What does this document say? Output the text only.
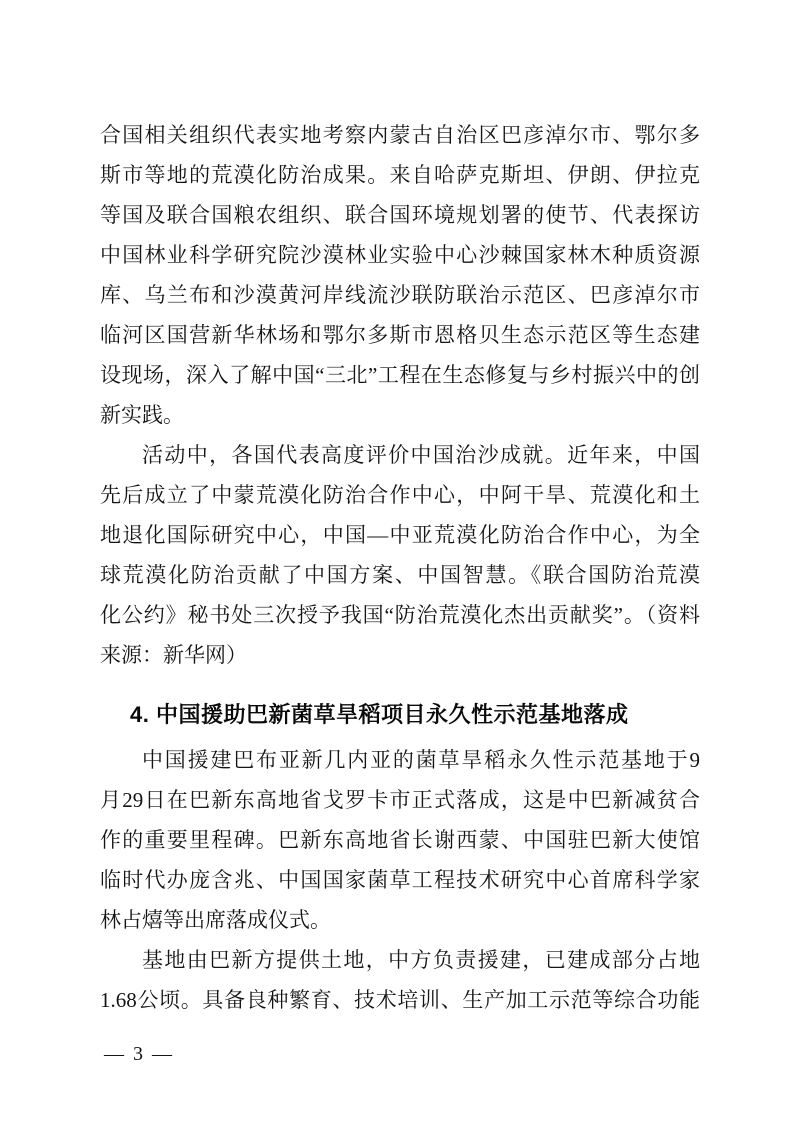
合国相关组织代表实地考察内蒙古自治区巴彦淖尔市、鄂尔多
斯市等地的荒漠化防治成果。来自哈萨克斯坦、伊朗、伊拉克
等国及联合国粮农组织、联合国环境规划署的使节、代表探访
中国林业科学研究院沙漠林业实验中心沙棘国家林木种质资源
库、乌兰布和沙漠黄河岸线流沙联防联治示范区、巴彦淖尔市
临河区国营新华林场和鄂尔多斯市恩格贝生态示范区等生态建
设现场，深入了解中国“三北”工程在生态修复与乡村振兴中的创
新实践。
活动中，各国代表高度评价中国治沙成就。近年来，中国
先后成立了中蒙荒漠化防治合作中心，中阿干旱、荒漠化和土
地退化国际研究中心，中国—中亚荒漠化防治合作中心，为全
球荒漠化防治贡献了中国方案、中国智慧。《联合国防治荒漠
化公约》秘书处三次授予我国“防治荒漠化杰出贡献奖”。（资料
来源：新华网）
4. 中国援助巴新菌草旱稻项目永久性示范基地落成
中国援建巴布亚新几内亚的菌草旱稻永久性示范基地于9
月29日在巴新东高地省戈罗卡市正式落成，这是中巴新减贫合
作的重要里程碑。巴新东高地省长谢西蒙、中国驻巴新大使馆
临时代办庞含兆、中国国家菌草工程技术研究中心首席科学家
林占熺等出席落成仪式。
基地由巴新方提供土地，中方负责援建，已建成部分占地
1.68公顷。具备良种繁育、技术培训、生产加工示范等综合功能
— 3 —
